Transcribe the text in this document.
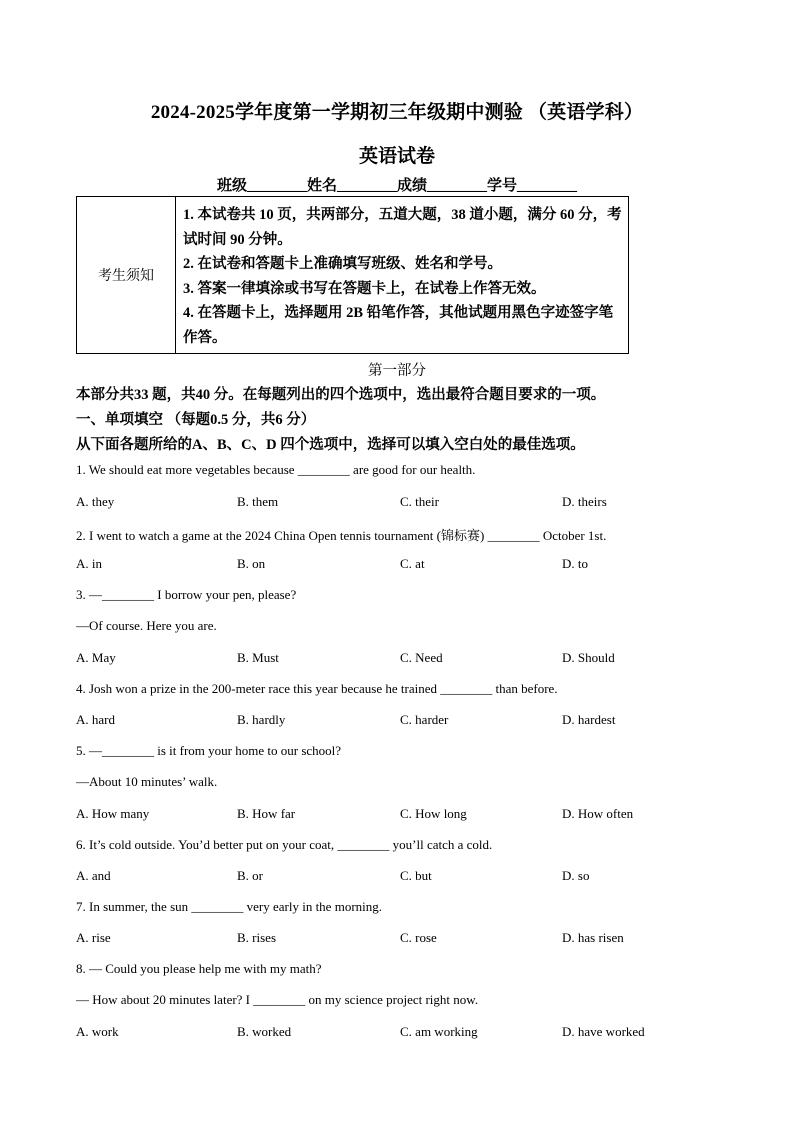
2024-2025学年度第一学期初三年级期中测验 （英语学科）
英语试卷
班级________姓名________成绩________学号________
考生须知
1. 本试卷共 10 页，共两部分，五道大题，38 道小题，满分 60 分，考试时间 90 分钟。
2. 在试卷和答题卡上准确填写班级、姓名和学号。
3. 答案一律填涂或书写在答题卡上，在试卷上作答无效。
4. 在答题卡上，选择题用 2B 铅笔作答，其他试题用黑色字迹签字笔作答。
第一部分
本部分共33 题，共40 分。在每题列出的四个选项中，选出最符合题目要求的一项。
一、单项填空 （每题0.5 分，共6 分）
从下面各题所给的A、B、C、D 四个选项中，选择可以填入空白处的最佳选项。
1. We should eat more vegetables because ________ are good for our health.
A. they	B. them	C. their	D. theirs
2. I went to watch a game at the 2024 China Open tennis tournament (锦标赛) ________ October 1st.
A. in	B. on	C. at	D. to
3. —________ I borrow your pen, please?
—Of course. Here you are.
A. May	B. Must	C. Need	D. Should
4. Josh won a prize in the 200-meter race this year because he trained ________ than before.
A. hard	B. hardly	C. harder	D. hardest
5. —________ is it from your home to our school?
—About 10 minutes’ walk.
A. How many	B. How far	C. How long	D. How often
6. It’s cold outside. You’d better put on your coat, ________ you’ll catch a cold.
A. and	B. or	C. but	D. so
7. In summer, the sun ________ very early in the morning.
A. rise	B. rises	C. rose	D. has risen
8. — Could you please help me with my math?
— How about 20 minutes later? I ________ on my science project right now.
A. work	B. worked	C. am working	D. have worked
